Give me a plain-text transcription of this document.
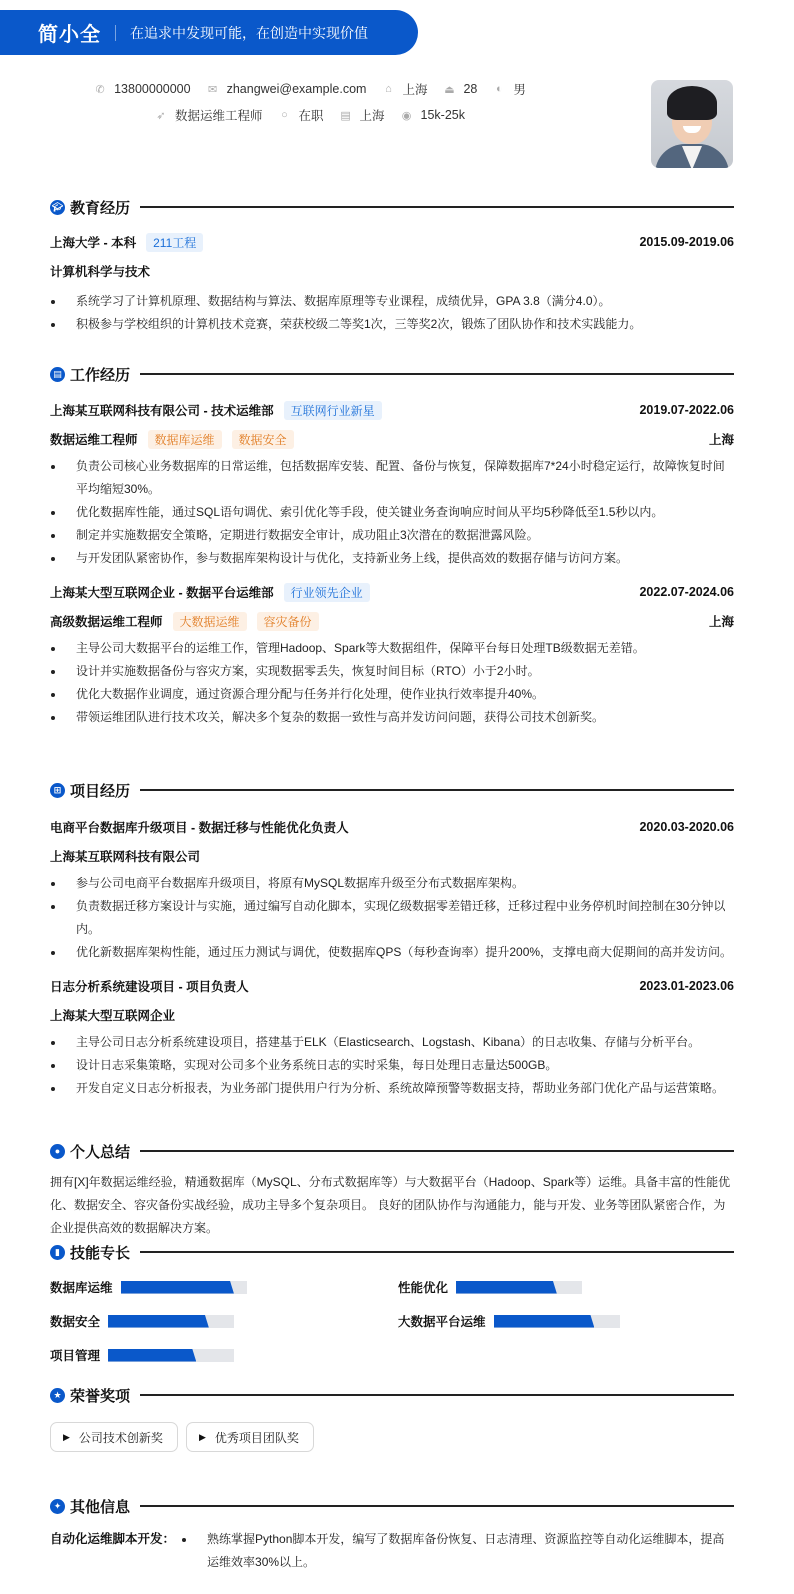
简小全 在追求中发现可能，在创造中实现价值
✆ 13800000000 ✉ zhangwei@example.com ⌂ 上海 ⏏ 28 ◐ 男
➶ 数据运维工程师 ○ 在职 ▤ 上海 ◉ 15k-25k
🎓︎ 教育经历
上海大学 - 本科	211工程	2015.09-2019.06
计算机科学与技术
系统学习了计算机原理、数据结构与算法、数据库原理等专业课程，成绩优异，GPA 3.8（满分4.0）。
积极参与学校组织的计算机技术竞赛，荣获校级二等奖1次，三等奖2次，锻炼了团队协作和技术实践能力。
▤ 工作经历
上海某互联网科技有限公司 - 技术运维部	互联网行业新星	2019.07-2022.06
数据运维工程师	数据库运维	数据安全	上海
负责公司核心业务数据库的日常运维，包括数据库安装、配置、备份与恢复，保障数据库7*24小时稳定运行，故障恢复时间平均缩短30%。
优化数据库性能，通过SQL语句调优、索引优化等手段，使关键业务查询响应时间从平均5秒降低至1.5秒以内。
制定并实施数据安全策略，定期进行数据安全审计，成功阻止3次潜在的数据泄露风险。
与开发团队紧密协作，参与数据库架构设计与优化，支持新业务上线，提供高效的数据存储与访问方案。
上海某大型互联网企业 - 数据平台运维部	行业领先企业	2022.07-2024.06
高级数据运维工程师	大数据运维	容灾备份	上海
主导公司大数据平台的运维工作，管理Hadoop、Spark等大数据组件，保障平台每日处理TB级数据无差错。
设计并实施数据备份与容灾方案，实现数据零丢失，恢复时间目标（RTO）小于2小时。
优化大数据作业调度，通过资源合理分配与任务并行化处理，使作业执行效率提升40%。
带领运维团队进行技术攻关，解决多个复杂的数据一致性与高并发访问问题，获得公司技术创新奖。
⊞ 项目经历
电商平台数据库升级项目 - 数据迁移与性能优化负责人	2020.03-2020.06
上海某互联网科技有限公司
参与公司电商平台数据库升级项目，将原有MySQL数据库升级至分布式数据库架构。
负责数据迁移方案设计与实施，通过编写自动化脚本，实现亿级数据零差错迁移，迁移过程中业务停机时间控制在30分钟以内。
优化新数据库架构性能，通过压力测试与调优，使数据库QPS（每秒查询率）提升200%，支撑电商大促期间的高并发访问。
日志分析系统建设项目 - 项目负责人	2023.01-2023.06
上海某大型互联网企业
主导公司日志分析系统建设项目，搭建基于ELK（Elasticsearch、Logstash、Kibana）的日志收集、存储与分析平台。
设计日志采集策略，实现对公司多个业务系统日志的实时采集，每日处理日志量达500GB。
开发自定义日志分析报表，为业务部门提供用户行为分析、系统故障预警等数据支持，帮助业务部门优化产品与运营策略。
● 个人总结

拥有[X]年数据运维经验，精通数据库（MySQL、分布式数据库等）与大数据平台（Hadoop、Spark等）运维。具备丰富的性能优化、数据安全、容灾备份实战经验，成功主导多个复杂项目。 良好的团队协作与沟通能力，能与开发、业务等团队紧密合作，为企业提供高效的数据解决方案。

▮ 技能专长
数据库运维	性能优化
数据安全	大数据平台运维
项目管理
★ 荣誉奖项
▶ 公司技术创新奖	▶ 优秀项目团队奖
✦ 其他信息
自动化运维脚本开发：	熟练掌握Python脚本开发，编写了数据库备份恢复、日志清理、资源监控等自动化运维脚本，提高运维效率30%以上。
